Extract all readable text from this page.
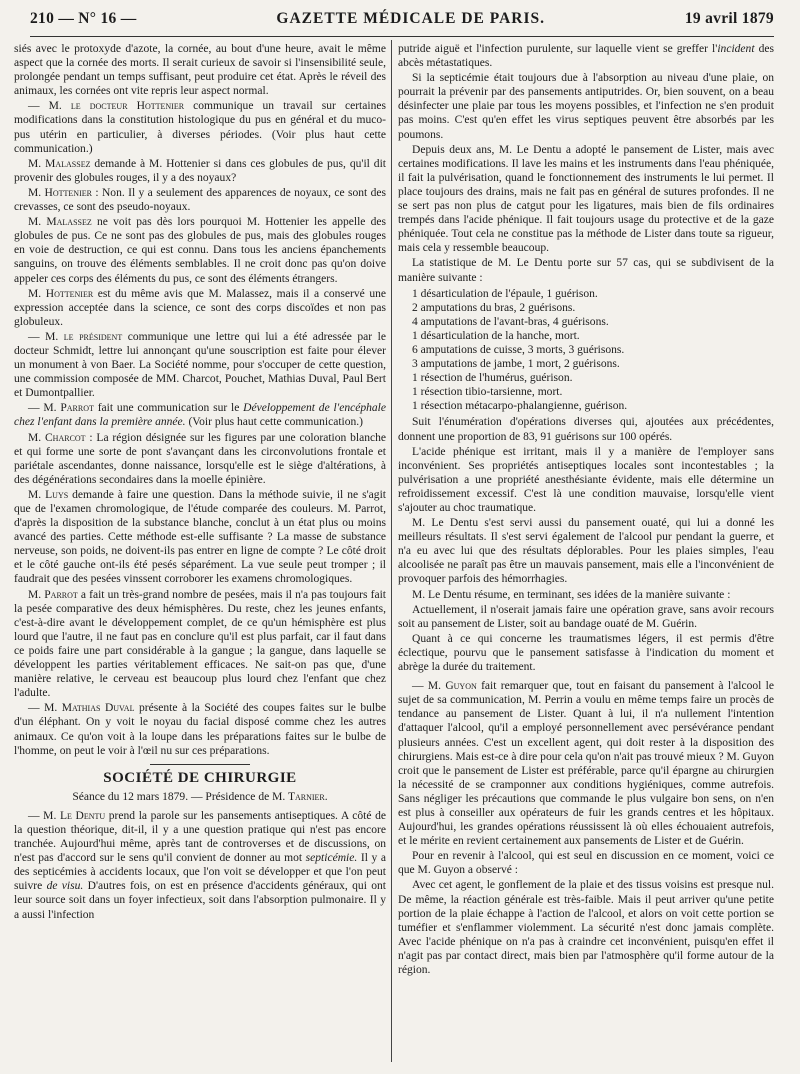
210 — N° 16 —	GAZETTE MÉDICALE DE PARIS.	19 avril 1879

siés avec le protoxyde d'azote, la cornée, au bout d'une heure, avait le même aspect que la cornée des morts. Il serait curieux de savoir si l'insensibilité seule, prolongée pendant un temps suffisant, peut produire cet état. Après le réveil des animaux, les cornées ont vite repris leur aspect normal.

— M. le docteur Hottenier communique un travail sur certaines modifications dans la constitution histologique du pus en général et du muco-pus utérin en particulier, à diverses périodes. (Voir plus haut cette communication.)

M. Malassez demande à M. Hottenier si dans ces globules de pus, qu'il dit provenir des globules rouges, il y a des noyaux?

M. Hottenier : Non. Il y a seulement des apparences de noyaux, ce sont des crevasses, ce sont des pseudo-noyaux.

M. Malassez ne voit pas dès lors pourquoi M. Hottenier les appelle des globules de pus. Ce ne sont pas des globules de pus, mais des globules rouges en voie de destruction, ce qui est connu. Dans tous les anciens épanchements sanguins, on trouve des éléments semblables. Il ne croit donc pas qu'on doive appeler ces corps des éléments du pus, ce sont des éléments étrangers.

M. Hottenier est du même avis que M. Malassez, mais il a conservé une expression acceptée dans la science, ce sont des corps discoïdes et non pas globuleux.

— M. le président communique une lettre qui lui a été adressée par le docteur Schmidt, lettre lui annonçant qu'une souscription est faite pour élever un monument à von Baer. La Société nomme, pour s'occuper de cette question, une commission composée de MM. Charcot, Pouchet, Mathias Duval, Paul Bert et Dumontpallier.

— M. Parrot fait une communication sur le Développement de l'encéphale chez l'enfant dans la première année. (Voir plus haut cette communication.)

M. Charcot : La région désignée sur les figures par une coloration blanche et qui forme une sorte de pont s'avançant dans les circonvolutions frontale et pariétale ascendantes, donne naissance, lorsqu'elle est le siège d'altérations, à des dégénérations secondaires dans la moelle épinière.

M. Luys demande à faire une question. Dans la méthode suivie, il ne s'agit que de l'examen chromologique, de l'étude comparée des couleurs. M. Parrot, d'après la disposition de la substance blanche, conclut à un état plus ou moins avancé des parties. Cette méthode est-elle suffisante ? La masse de substance nerveuse, son poids, ne doivent-ils pas entrer en ligne de compte ? Le côté droit et le côté gauche ont-ils été pesés séparément. La vue seule peut tromper ; il faudrait que des pesées vinssent corroborer les examens chromologiques.

M. Parrot a fait un très-grand nombre de pesées, mais il n'a pas toujours fait la pesée comparative des deux hémisphères. Du reste, chez les jeunes enfants, c'est-à-dire avant le développement complet, de ce qu'un hémisphère est plus lourd que l'autre, il ne faut pas en conclure qu'il est plus parfait, car il faut dans ce poids faire une part considérable à la gangue ; la gangue, dans laquelle se développent les parties véritablement efficaces. Ne sait-on pas que, d'une manière relative, le cerveau est beaucoup plus lourd chez l'enfant que chez l'adulte.

— M. Mathias Duval présente à la Société des coupes faites sur le bulbe d'un éléphant. On y voit le noyau du facial disposé comme chez les autres animaux. Ce qu'on voit à la loupe dans les préparations faites sur le bulbe de l'homme, on peut le voir à l'œil nu sur ces préparations.

SOCIÉTÉ DE CHIRURGIE

Séance du 12 mars 1879. — Présidence de M. Tarnier.

— M. Le Dentu prend la parole sur les pansements antiseptiques. A côté de la question théorique, dit-il, il y a une question pratique qui n'est pas encore tranchée. Aujourd'hui même, après tant de controverses et de discussions, on n'est pas d'accord sur le sens qu'il convient de donner au mot septicémie. Il y a des septicémies à accidents locaux, que l'on voit se développer et que l'on peut suivre de visu. D'autres fois, on est en présence d'accidents généraux, qui ont leur source soit dans un foyer infectieux, soit dans l'absorption pulmonaire. Il y a aussi l'infection

putride aiguë et l'infection purulente, sur laquelle vient se greffer l'incident des abcès métastatiques.

Si la septicémie était toujours due à l'absorption au niveau d'une plaie, on pourrait la prévenir par des pansements antiputrides. Or, bien souvent, on a beau désinfecter une plaie par tous les moyens possibles, et l'infection ne s'en produit pas moins. C'est qu'en effet les virus septiques peuvent être absorbés par les poumons.

Depuis deux ans, M. Le Dentu a adopté le pansement de Lister, mais avec certaines modifications. Il lave les mains et les instruments dans l'eau phéniquée, il fait la pulvérisation, quand le fonctionnement des instruments le lui permet. Il place toujours des drains, mais ne fait pas en général de sutures profondes. Il ne se sert pas non plus de catgut pour les ligatures, mais bien de fils ordinaires trempés dans l'acide phénique. Il fait toujours usage du protective et de la gaze phéniquée. Tout cela ne constitue pas la méthode de Lister dans toute sa rigueur, mais cela y ressemble beaucoup.

La statistique de M. Le Dentu porte sur 57 cas, qui se subdivisent de la manière suivante :

1 désarticulation de l'épaule, 1 guérison.
2 amputations du bras, 2 guérisons.
4 amputations de l'avant-bras, 4 guérisons.
1 désarticulation de la hanche, mort.
6 amputations de cuisse, 3 morts, 3 guérisons.
3 amputations de jambe, 1 mort, 2 guérisons.
1 résection de l'humérus, guérison.
1 résection tibio-tarsienne, mort.
1 résection métacarpo-phalangienne, guérison.

Suit l'énumération d'opérations diverses qui, ajoutées aux précédentes, donnent une proportion de 83, 91 guérisons sur 100 opérés.

L'acide phénique est irritant, mais il y a manière de l'employer sans inconvénient. Ses propriétés antiseptiques locales sont incontestables ; la pulvérisation a une propriété anesthésiante évidente, mais elle détermine un refroidissement excessif. C'est là une condition mauvaise, lorsqu'elle vient s'ajouter au choc traumatique.

M. Le Dentu s'est servi aussi du pansement ouaté, qui lui a donné les meilleurs résultats. Il s'est servi également de l'alcool pur pendant la guerre, et n'a eu avec lui que des résultats déplorables. Pour les plaies simples, l'eau alcoolisée ne paraît pas être un mauvais pansement, mais elle a l'inconvénient de provoquer parfois des hémorrhagies.

M. Le Dentu résume, en terminant, ses idées de la manière suivante :

Actuellement, il n'oserait jamais faire une opération grave, sans avoir recours soit au pansement de Lister, soit au bandage ouaté de M. Guérin.

Quant à ce qui concerne les traumatismes légers, il est permis d'être éclectique, pourvu que le pansement satisfasse à l'indication du moment et abrège la durée du traitement.

— M. Guyon fait remarquer que, tout en faisant du pansement à l'alcool le sujet de sa communication, M. Perrin a voulu en même temps faire un procès de tendance au pansement de Lister. Quant à lui, il n'a nullement l'intention d'attaquer l'alcool, qu'il a employé personnellement avec persévérance pendant plusieurs années. C'est un excellent agent, qui doit rester à la disposition des chirurgiens. Mais est-ce à dire pour cela qu'on n'ait pas trouvé mieux ? M. Guyon croit que le pansement de Lister est préférable, parce qu'il épargne au chirurgien la nécessité de se cramponner aux conditions hygiéniques, comme autrefois. Sans négliger les précautions que commande le plus vulgaire bon sens, on n'en est plus à conseiller aux opérateurs de fuir les grands centres et les hôpitaux. Aujourd'hui, les grandes opérations réussissent là où elles échouaient autrefois, et le mérite en revient certainement aux pansements de Lister et de Guérin.

Pour en revenir à l'alcool, qui est seul en discussion en ce moment, voici ce que M. Guyon a observé :

Avec cet agent, le gonflement de la plaie et des tissus voisins est presque nul. De même, la réaction générale est très-faible. Mais il peut arriver qu'une petite portion de la plaie échappe à l'action de l'alcool, et alors on voit cette portion se tuméfier et s'enflammer violemment. La sécurité n'est donc jamais complète. Avec l'acide phénique on n'a pas à craindre cet inconvénient, puisqu'en effet il n'agit pas par contact direct, mais bien par l'atmosphère qu'il forme autour de la région.
